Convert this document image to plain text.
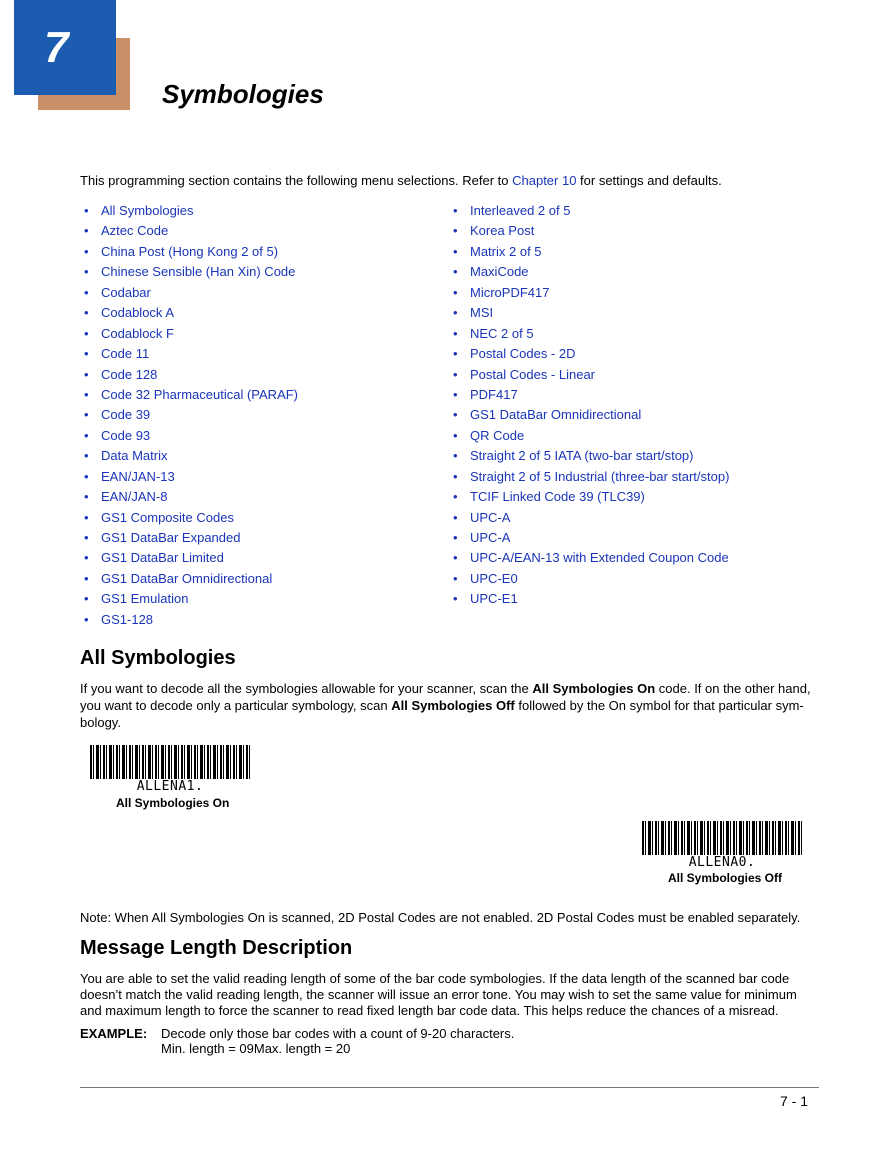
7
Symbologies

This programming section contains the following menu selections. Refer to Chapter 10 for settings and defaults.

• All Symbologies
• Aztec Code
• China Post (Hong Kong 2 of 5)
• Chinese Sensible (Han Xin) Code
• Codabar
• Codablock A
• Codablock F
• Code 11
• Code 128
• Code 32 Pharmaceutical (PARAF)
• Code 39
• Code 93
• Data Matrix
• EAN/JAN-13
• EAN/JAN-8
• GS1 Composite Codes
• GS1 DataBar Expanded
• GS1 DataBar Limited
• GS1 DataBar Omnidirectional
• GS1 Emulation
• GS1-128
• Interleaved 2 of 5
• Korea Post
• Matrix 2 of 5
• MaxiCode
• MicroPDF417
• MSI
• NEC 2 of 5
• Postal Codes - 2D
• Postal Codes - Linear
• PDF417
• GS1 DataBar Omnidirectional
• QR Code
• Straight 2 of 5 IATA (two-bar start/stop)
• Straight 2 of 5 Industrial (three-bar start/stop)
• TCIF Linked Code 39 (TLC39)
• UPC-A
• UPC-A
• UPC-A/EAN-13 with Extended Coupon Code
• UPC-E0
• UPC-E1
All Symbologies

If you want to decode all the symbologies allowable for your scanner, scan the All Symbologies On code. If on the other hand, you want to decode only a particular symbology, scan All Symbologies Off followed by the On symbol for that particular sym-bology.

ALLENA1.
All Symbologies On
ALLENA0.
All Symbologies Off

Note: When All Symbologies On is scanned, 2D Postal Codes are not enabled. 2D Postal Codes must be enabled separately.

Message Length Description

You are able to set the valid reading length of some of the bar code symbologies. If the data length of the scanned bar code doesn’t match the valid reading length, the scanner will issue an error tone. You may wish to set the same value for minimum and maximum length to force the scanner to read fixed length bar code data. This helps reduce the chances of a misread.

EXAMPLE:	Decode only those bar codes with a count of 9-20 characters.
Min. length = 09Max. length = 20
7 - 1
